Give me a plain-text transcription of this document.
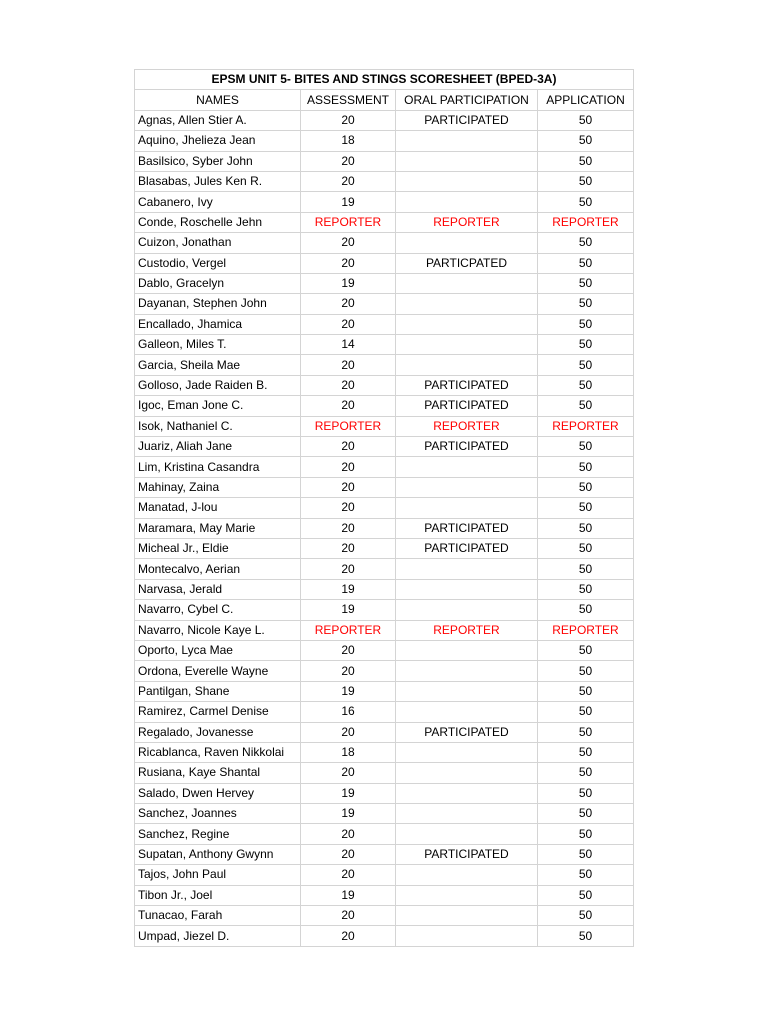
EPSM UNIT 5- BITES AND STINGS SCORESHEET (BPED-3A)			
NAMES	ASSESSMENT	ORAL PARTICIPATION	APPLICATION
Agnas, Allen Stier A.	20	PARTICIPATED	50
Aquino, Jhelieza Jean	18		50
Basilsico, Syber John	20		50
Blasabas, Jules Ken R.	20		50
Cabanero, Ivy	19		50
Conde, Roschelle Jehn	REPORTER	REPORTER	REPORTER
Cuizon, Jonathan	20		50
Custodio, Vergel	20	PARTICPATED	50
Dablo, Gracelyn	19		50
Dayanan, Stephen John	20		50
Encallado, Jhamica	20		50
Galleon, Miles T.	14		50
Garcia, Sheila Mae	20		50
Golloso, Jade Raiden B.	20	PARTICIPATED	50
Igoc, Eman Jone C.	20	PARTICIPATED	50
Isok, Nathaniel C.	REPORTER	REPORTER	REPORTER
Juariz, Aliah Jane	20	PARTICIPATED	50
Lim, Kristina Casandra	20		50
Mahinay, Zaina	20		50
Manatad, J-lou	20		50
Maramara, May Marie	20	PARTICIPATED	50
Micheal Jr., Eldie	20	PARTICIPATED	50
Montecalvo, Aerian	20		50
Narvasa, Jerald	19		50
Navarro, Cybel C.	19		50
Navarro, Nicole Kaye L.	REPORTER	REPORTER	REPORTER
Oporto, Lyca Mae	20		50
Ordona, Everelle Wayne	20		50
Pantilgan, Shane	19		50
Ramirez, Carmel Denise	16		50
Regalado, Jovanesse	20	PARTICIPATED	50
Ricablanca, Raven Nikkolai	18		50
Rusiana, Kaye Shantal	20		50
Salado, Dwen Hervey	19		50
Sanchez, Joannes	19		50
Sanchez, Regine	20		50
Supatan, Anthony Gwynn	20	PARTICIPATED	50
Tajos, John Paul	20		50
Tibon Jr., Joel	19		50
Tunacao, Farah	20		50
Umpad, Jiezel D.	20		50
